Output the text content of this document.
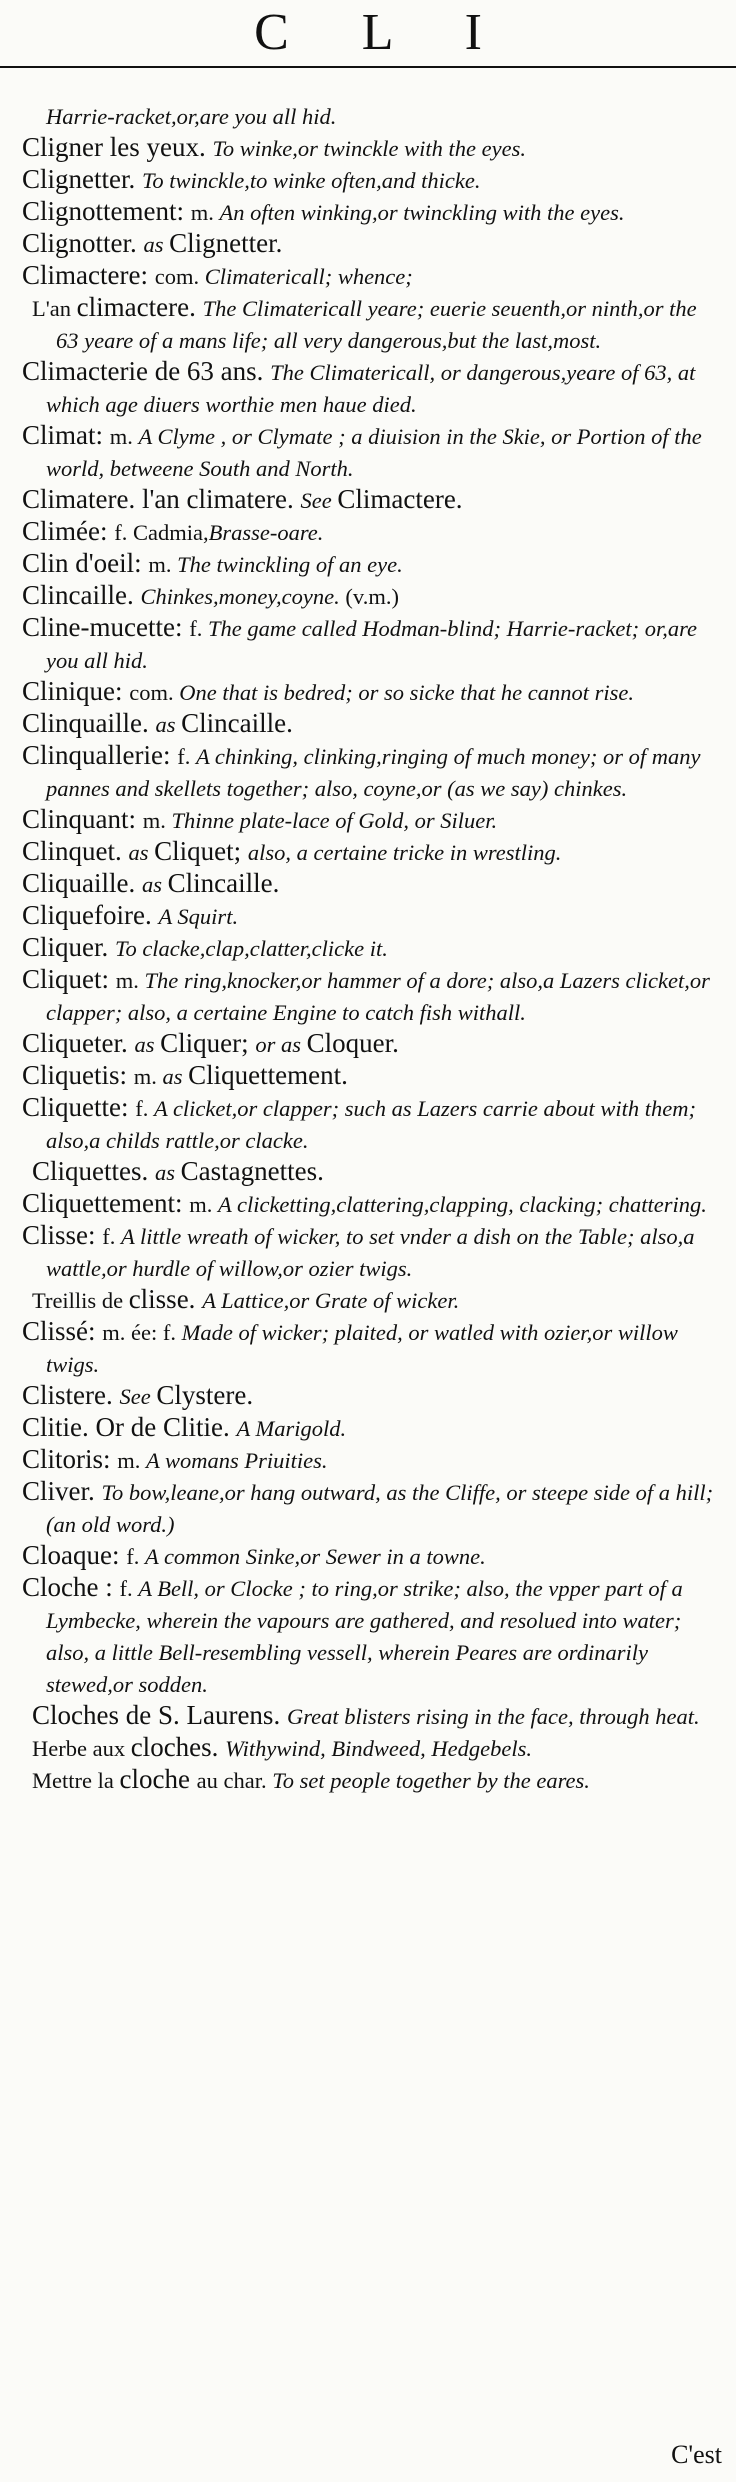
C L I

Harrie-racket,or,are you all hid.

Cligner les yeux. To winke,or twinckle with the eyes.

Clignetter. To twinckle,to winke often,and thicke.

Clignottement: m. An often winking,or twinckling with the eyes.

Clignotter. as Clignetter.

Climactere: com. Climatericall; whence;

L'an climactere. The Climatericall yeare; euerie seuenth,or ninth,or the 63 yeare of a mans life; all very dangerous,but the last,most.

Climacterie de 63 ans. The Climatericall, or dangerous,yeare of 63, at which age diuers worthie men haue died.

Climat: m. A Clyme , or Clymate ; a diuision in the Skie, or Portion of the world, betweene South and North.

Climatere. l'an climatere. See Climactere.

Climée: f. Cadmia,Brasse-oare.

Clin d'oeil: m. The twinckling of an eye.

Clincaille. Chinkes,money,coyne. (v.m.)

Cline-mucette: f. The game called Hodman-blind; Harrie-racket; or,are you all hid.

Clinique: com. One that is bedred; or so sicke that he cannot rise.

Clinquaille. as Clincaille.

Clinquallerie: f. A chinking, clinking,ringing of much money; or of many pannes and skellets together; also, coyne,or (as we say) chinkes.

Clinquant: m. Thinne plate-lace of Gold, or Siluer.

Clinquet. as Cliquet; also, a certaine tricke in wrestling.

Cliquaille. as Clincaille.

Cliquefoire. A Squirt.

Cliquer. To clacke,clap,clatter,clicke it.

Cliquet: m. The ring,knocker,or hammer of a dore; also,a Lazers clicket,or clapper; also, a certaine Engine to catch fish withall.

Cliqueter. as Cliquer; or as Cloquer.

Cliquetis: m. as Cliquettement.

Cliquette: f. A clicket,or clapper; such as Lazers carrie about with them; also,a childs rattle,or clacke.

Cliquettes. as Castagnettes.

Cliquettement: m. A clicketting,clattering,clapping, clacking; chattering.

Clisse: f. A little wreath of wicker, to set vnder a dish on the Table; also,a wattle,or hurdle of willow,or ozier twigs.

Treillis de clisse. A Lattice,or Grate of wicker.

Clissé: m. ée: f. Made of wicker; plaited, or watled with ozier,or willow twigs.

Clistere. See Clystere.

Clitie. Or de Clitie. A Marigold.

Clitoris: m. A womans Priuities.

Cliver. To bow,leane,or hang outward, as the Cliffe, or steepe side of a hill; (an old word.)

Cloaque: f. A common Sinke,or Sewer in a towne.

Cloche : f. A Bell, or Clocke ; to ring,or strike; also, the vpper part of a Lymbecke, wherein the vapours are gathered, and resolued into water; also, a little Bell-resembling vessell, wherein Peares are ordinarily stewed,or sodden.

Cloches de S. Laurens. Great blisters rising in the face, through heat.

Herbe aux cloches. Withywind, Bindweed, Hedgebels.

Mettre la cloche au char. To set people together by the eares.

C'est
